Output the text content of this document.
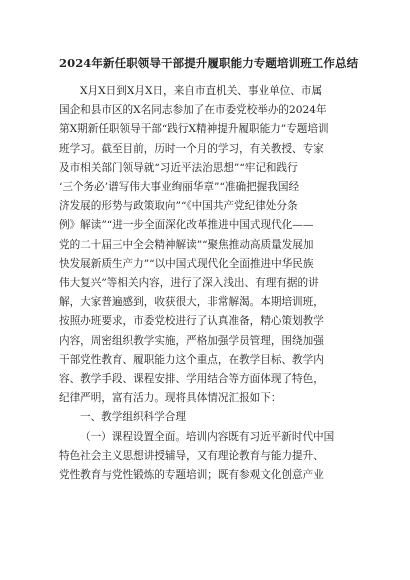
2024年新任职领导干部提升履职能力专题培训班工作总结
X月X日到X月X日，来自市直机关、事业单位、市属
国企和县市区的X名同志参加了在市委党校举办的2024年
第X期新任职领导干部“践行X精神提升履职能力”专题培训
班学习。截至目前，历时一个月的学习，有关教授、专家
及市相关部门领导就“习近平法治思想”“牢记和践行
‘三个务必’谱写伟大事业绚丽华章”“准确把握我国经
济发展的形势与政策取向”“《中国共产党纪律处分条
例》解读”“进一步全面深化改革推进中国式现代化——
党的二十届三中全会精神解读”“聚焦推动高质量发展加
快发展新质生产力”“以中国式现代化全面推进中华民族
伟大复兴”等相关内容，进行了深入浅出、有理有据的讲
解，大家普遍感到，收获很大，非常解渴。本期培训班，
按照办班要求，市委党校进行了认真准备，精心策划教学
内容，周密组织教学实施，严格加强学员管理，围绕加强
干部党性教育、履职能力这个重点，在教学目标、教学内
容、教学手段、课程安排、学用结合等方面体现了特色，
纪律严明，富有活力。现将具体情况汇报如下：
一、教学组织科学合理
（一）课程设置全面。培训内容既有习近平新时代中国
特色社会主义思想讲授辅导，又有理论教育与能力提升、
党性教育与党性锻炼的专题培训；既有参观文化创意产业
